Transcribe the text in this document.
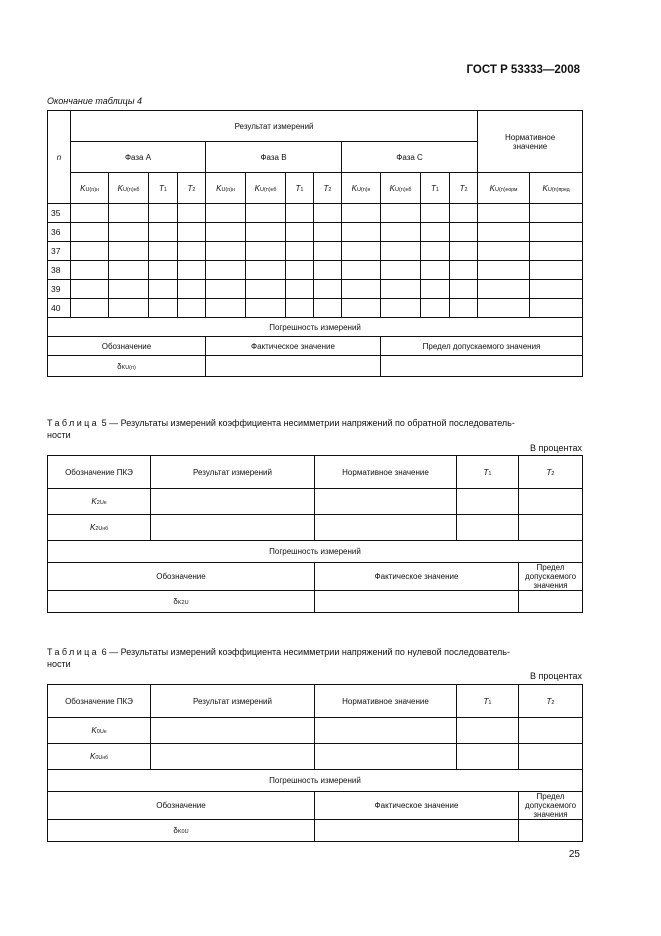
ГОСТ Р 53333—2008
Окончание таблицы 4
n	Результат измерений												Нормативное
значение	
	Фаза A				Фаза B				Фаза C					
	KU(n)н	KU(n)нб	T1	T2	KU(n)н	KU(n)нб	T1	T2	KU(n)н	KU(n)нб	T1	T2	KU(n)норм	KU(n)пред
35														
36														
37														
38														
39														
40														
Погрешность измерений														
Обозначение					Фактическое значение					Предел допускаемого значения				
δKU(n)														
Таблица 5 — Результаты измерений коэффициента несимметрии напряжений по обратной последователь-
ности
В процентах
Обозначение ПКЭ	Результат измерений	Нормативное значение	T1	T2
K2Uн				
K2Uнб				
Погрешность измерений				
Обозначение		Фактическое значение		Предел допускаемого значения
δK2U				
Таблица 6 — Результаты измерений коэффициента несимметрии напряжений по нулевой последователь-
ности
В процентах
Обозначение ПКЭ	Результат измерений	Нормативное значение	T1	T2
K0Uн				
K0Uнб				
Погрешность измерений				
Обозначение		Фактическое значение		Предел допускаемого значения
δK0U				
25
